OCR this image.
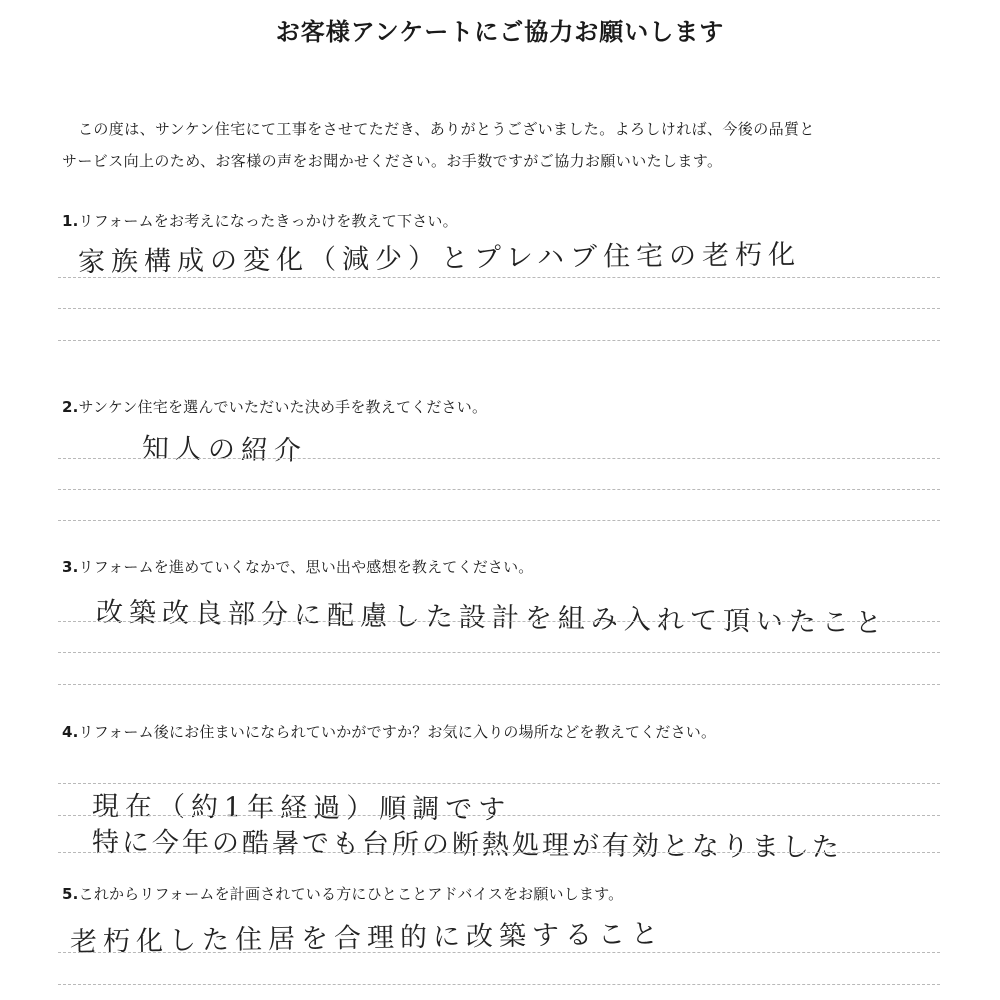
お客様アンケートにご協力お願いします
この度は、サンケン住宅にて工事をさせてただき、ありがとうございました。よろしければ、今後の品質と
サービス向上のため、お客様の声をお聞かせください。お手数ですがご協力お願いいたします。
1.リフォームをお考えになったきっかけを教えて下さい。
家族構成の変化（減少）とプレハブ住宅の老朽化
2.サンケン住宅を選んでいただいた決め手を教えてください。
知人の紹介
3.リフォームを進めていくなかで、思い出や感想を教えてください。
改築改良部分に配慮した設計を組み入れて頂いたこと
4.リフォーム後にお住まいになられていかがですか？お気に入りの場所などを教えてください。
現在（約1年経過）順調です
特に今年の酷暑でも台所の断熱処理が有効となりました
5.これからリフォームを計画されている方にひとことアドバイスをお願いします。
老朽化した住居を合理的に改築すること
